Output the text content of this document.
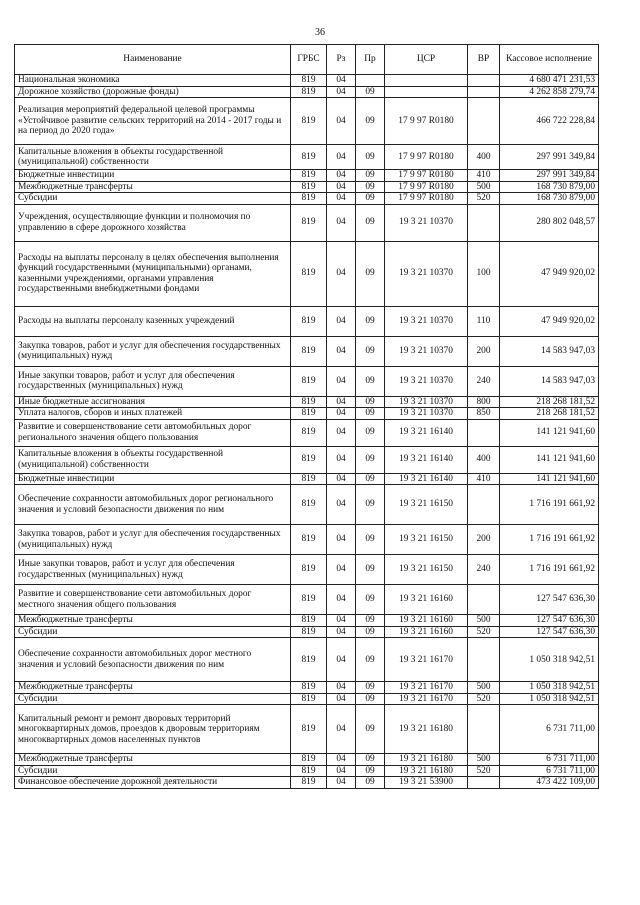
36
Наименование	ГРБС	Рз	Пр	ЦСР	ВР	Кассовое исполнение
Национальная экономика	819	04				4 680 471 231,53
Дорожное хозяйство (дорожные фонды)	819	04	09			4 262 858 279,74
Реализация мероприятий федеральной целевой программы «Устойчивое развитие сельских территорий на 2014 - 2017 годы и на период до 2020 года»	819	04	09	17 9 97 R0180		466 722 228,84
Капитальные вложения в объекты государственной (муниципальной) собственности	819	04	09	17 9 97 R0180	400	297 991 349,84
Бюджетные инвестиции	819	04	09	17 9 97 R0180	410	297 991 349,84
Межбюджетные трансферты	819	04	09	17 9 97 R0180	500	168 730 879,00
Субсидии	819	04	09	17 9 97 R0180	520	168 730 879,00
Учреждения, осуществляющие функции и полномочия по управлению в сфере дорожного хозяйства	819	04	09	19 3 21 10370		280 802 048,57
Расходы на выплаты персоналу в целях обеспечения выполнения функций государственными (муниципальными) органами, казенными учреждениями, органами управления государственными внебюджетными фондами	819	04	09	19 3 21 10370	100	47 949 920,02
Расходы на выплаты персоналу казенных учреждений	819	04	09	19 3 21 10370	110	47 949 920,02
Закупка товаров, работ и услуг для обеспечения государственных (муниципальных) нужд	819	04	09	19 3 21 10370	200	14 583 947,03
Иные закупки товаров, работ и услуг для обеспечения государственных (муниципальных) нужд	819	04	09	19 3 21 10370	240	14 583 947,03
Иные бюджетные ассигнования	819	04	09	19 3 21 10370	800	218 268 181,52
Уплата налогов, сборов и иных платежей	819	04	09	19 3 21 10370	850	218 268 181,52
Развитие и совершенствование сети автомобильных дорог регионального значения общего пользования	819	04	09	19 3 21 16140		141 121 941,60
Капитальные вложения в объекты государственной (муниципальной) собственности	819	04	09	19 3 21 16140	400	141 121 941,60
Бюджетные инвестиции	819	04	09	19 3 21 16140	410	141 121 941,60
Обеспечение сохранности автомобильных дорог регионального значения и условий безопасности движения по ним	819	04	09	19 3 21 16150		1 716 191 661,92
Закупка товаров, работ и услуг для обеспечения государственных (муниципальных) нужд	819	04	09	19 3 21 16150	200	1 716 191 661,92
Иные закупки товаров, работ и услуг для обеспечения государственных (муниципальных) нужд	819	04	09	19 3 21 16150	240	1 716 191 661,92
Развитие и совершенствование сети автомобильных дорог местного значения общего пользования	819	04	09	19 3 21 16160		127 547 636,30
Межбюджетные трансферты	819	04	09	19 3 21 16160	500	127 547 636,30
Субсидии	819	04	09	19 3 21 16160	520	127 547 636,30
Обеспечение сохранности автомобильных дорог местного значения и условий безопасности движения по ним	819	04	09	19 3 21 16170		1 050 318 942,51
Межбюджетные трансферты	819	04	09	19 3 21 16170	500	1 050 318 942,51
Субсидии	819	04	09	19 3 21 16170	520	1 050 318 942,51
Капитальный ремонт и ремонт дворовых территорий многоквартирных домов, проездов к дворовым территориям многоквартирных домов населенных пунктов	819	04	09	19 3 21 16180		6 731 711,00
Межбюджетные трансферты	819	04	09	19 3 21 16180	500	6 731 711,00
Субсидии	819	04	09	19 3 21 16180	520	6 731 711,00
Финансовое обеспечение дорожной деятельности	819	04	09	19 3 21 53900		473 422 109,00
